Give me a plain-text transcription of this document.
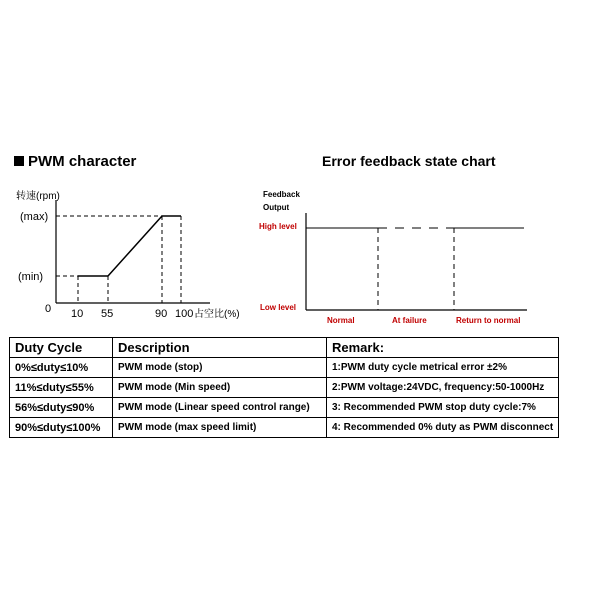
PWM character	Error feedback state chart
转速(rpm)
(max)
(min)
0 10 55	90 100 占空比(%)
Feedback
Output
High level
Low level
Normal	At failure	Return to normal
Duty Cycle	Description	Remark:
0%≤duty≤10%	PWM mode (stop)	1:PWM duty cycle metrical error ±2%
11%≤duty≤55%	PWM mode (Min speed)	2:PWM voltage:24VDC, frequency:50-1000Hz
56%≤duty≤90%	PWM mode (Linear speed control range)	3: Recommended PWM stop duty cycle:7%
90%≤duty≤100%	PWM mode (max speed limit)	4: Recommended 0% duty as PWM disconnect
